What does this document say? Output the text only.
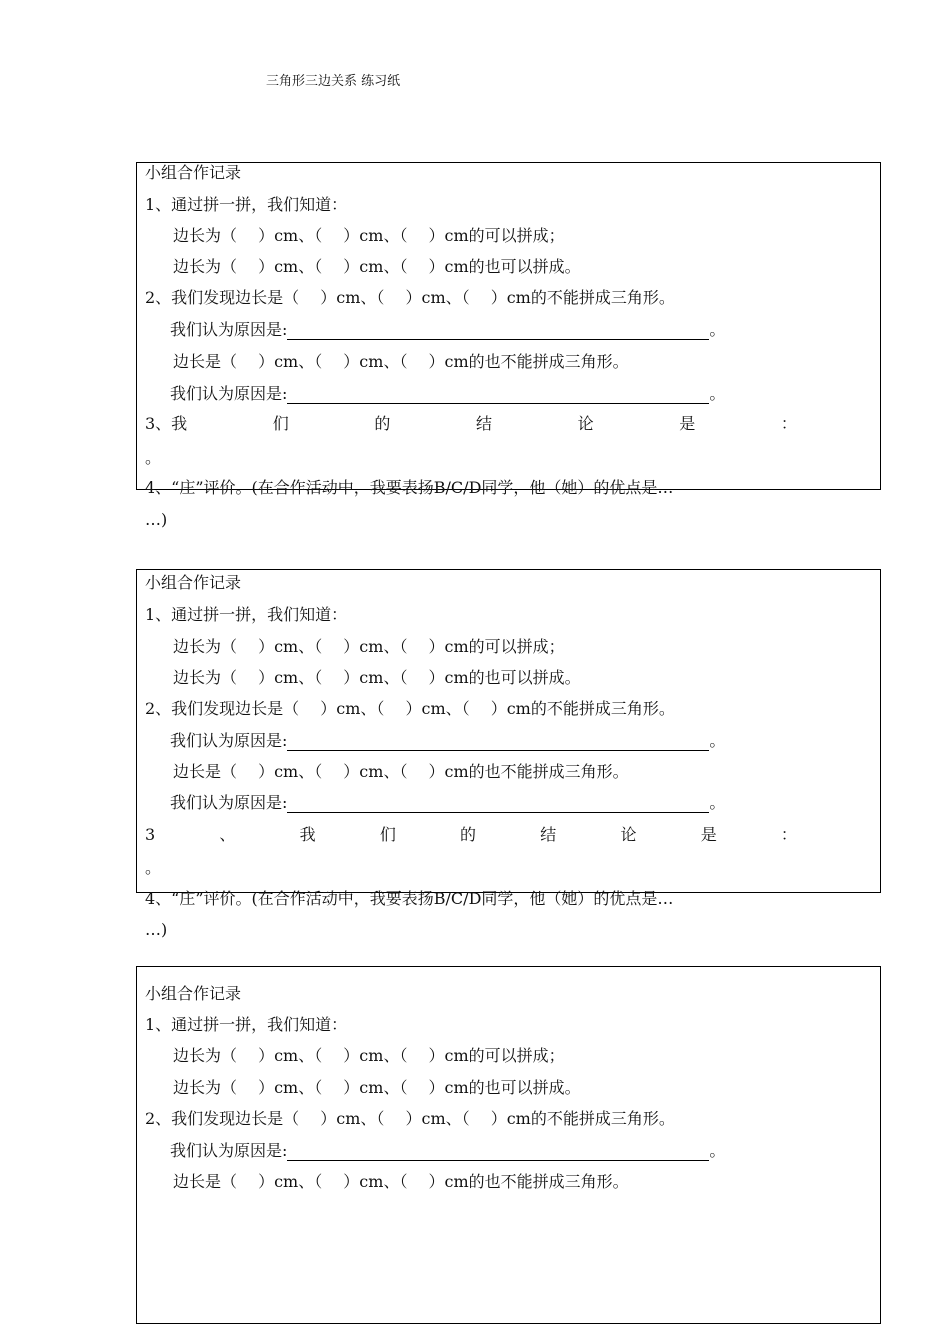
三角形三边关系 练习纸
小组合作记录
1、通过拼一拼，我们知道：
边长为（　 ）cm、（　 ）cm、（　 ）cm的可以拼成；
边长为（　 ）cm、（　 ）cm、（　 ）cm的也可以拼成。
2、我们发现边长是（　 ）cm、（　 ）cm、（　 ）cm的不能拼成三角形。
我们认为原因是:	。
边长是（　 ）cm、（　 ）cm、（　 ）cm的也不能拼成三角形。
我们认为原因是:	。
3、我	们	的	结	论	是	：
。
4、“庄”评价。(在合作活动中，我要表扬B/C/D同学，他（她）的优点是…
…)
小组合作记录
1、通过拼一拼，我们知道：
边长为（　 ）cm、（　 ）cm、（　 ）cm的可以拼成；
边长为（　 ）cm、（　 ）cm、（　 ）cm的也可以拼成。
2、我们发现边长是（　 ）cm、（　 ）cm、（　 ）cm的不能拼成三角形。
我们认为原因是:	。
边长是（　 ）cm、（　 ）cm、（　 ）cm的也不能拼成三角形。
我们认为原因是:	。
3	、	我	们	的	结	论	是	：
。
4、“庄”评价。(在合作活动中，我要表扬B/C/D同学，他（她）的优点是…
…)
小组合作记录
1、通过拼一拼，我们知道：
边长为（　 ）cm、（　 ）cm、（　 ）cm的可以拼成；
边长为（　 ）cm、（　 ）cm、（　 ）cm的也可以拼成。
2、我们发现边长是（　 ）cm、（　 ）cm、（　 ）cm的不能拼成三角形。
我们认为原因是:	。
边长是（　 ）cm、（　 ）cm、（　 ）cm的也不能拼成三角形。
